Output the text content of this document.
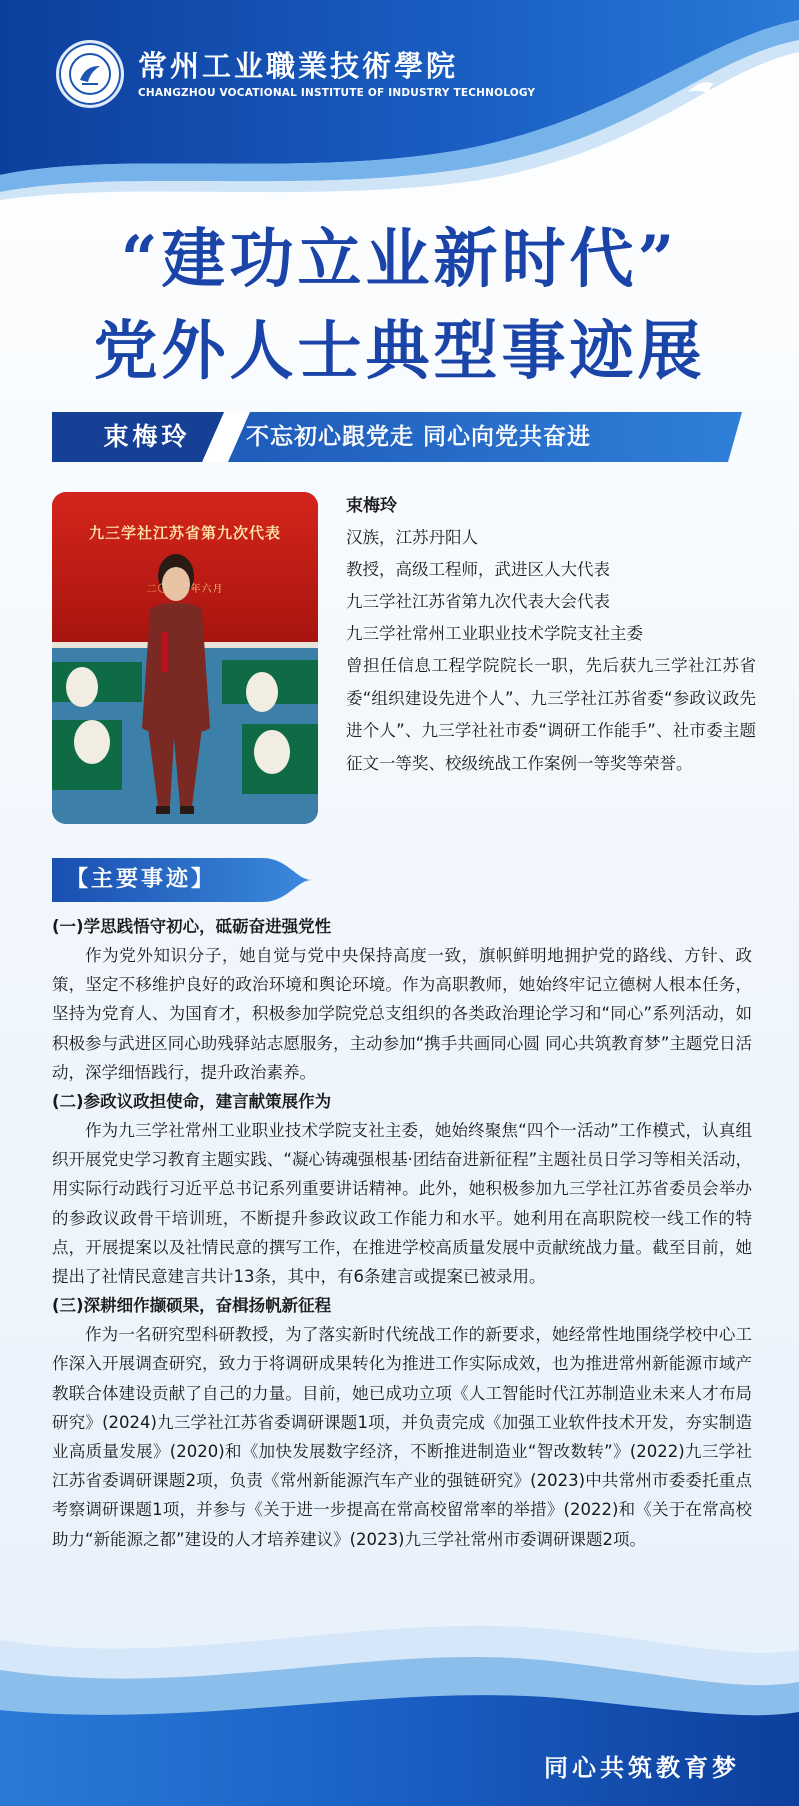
常州工业職業技術學院
CHANGZHOU VOCATIONAL INSTITUTE OF INDUSTRY TECHNOLOGY
“建功立业新时代”
党外人士典型事迹展
束梅玲	不忘初心跟党走 同心向党共奋进
九三学社江苏省第九次代表
二〇二二年六月
束梅玲
汉族，江苏丹阳人
教授，高级工程师，武进区人大代表
九三学社江苏省第九次代表大会代表
九三学社常州工业职业技术学院支社主委
曾担任信息工程学院院长一职，先后获九三学社江苏省委“组织建设先进个人”、九三学社江苏省委“参政议政先进个人”、九三学社社市委“调研工作能手”、社市委主题征文一等奖、校级统战工作案例一等奖等荣誉。
【主要事迹】
(一)学思践悟守初心，砥砺奋进强党性

作为党外知识分子，她自觉与党中央保持高度一致，旗帜鲜明地拥护党的路线、方针、政策，坚定不移维护良好的政治环境和舆论环境。作为高职教师，她始终牢记立德树人根本任务，坚持为党育人、为国育才，积极参加学院党总支组织的各类政治理论学习和“同心”系列活动，如积极参与武进区同心助残驿站志愿服务，主动参加“携手共画同心圆 同心共筑教育梦”主题党日活动，深学细悟践行，提升政治素养。

(二)参政议政担使命，建言献策展作为

作为九三学社常州工业职业技术学院支社主委，她始终聚焦“四个一活动”工作模式，认真组织开展党史学习教育主题实践、“凝心铸魂强根基·团结奋进新征程”主题社员日学习等相关活动，用实际行动践行习近平总书记系列重要讲话精神。此外，她积极参加九三学社江苏省委员会举办的参政议政骨干培训班，不断提升参政议政工作能力和水平。她利用在高职院校一线工作的特点，开展提案以及社情民意的撰写工作，在推进学校高质量发展中贡献统战力量。截至目前，她提出了社情民意建言共计13条，其中，有6条建言或提案已被录用。

(三)深耕细作撷硕果，奋楫扬帆新征程

作为一名研究型科研教授，为了落实新时代统战工作的新要求，她经常性地围绕学校中心工作深入开展调查研究，致力于将调研成果转化为推进工作实际成效，也为推进常州新能源市域产教联合体建设贡献了自己的力量。目前，她已成功立项《人工智能时代江苏制造业未来人才布局研究》(2024)九三学社江苏省委调研课题1项，并负责完成《加强工业软件技术开发，夯实制造业高质量发展》(2020)和《加快发展数字经济，不断推进制造业“智改数转”》(2022)九三学社江苏省委调研课题2项，负责《常州新能源汽车产业的强链研究》(2023)中共常州市委委托重点考察调研课题1项，并参与《关于进一步提高在常高校留常率的举措》(2022)和《关于在常高校助力“新能源之都”建设的人才培养建议》(2023)九三学社常州市委调研课题2项。

同心共筑教育梦
